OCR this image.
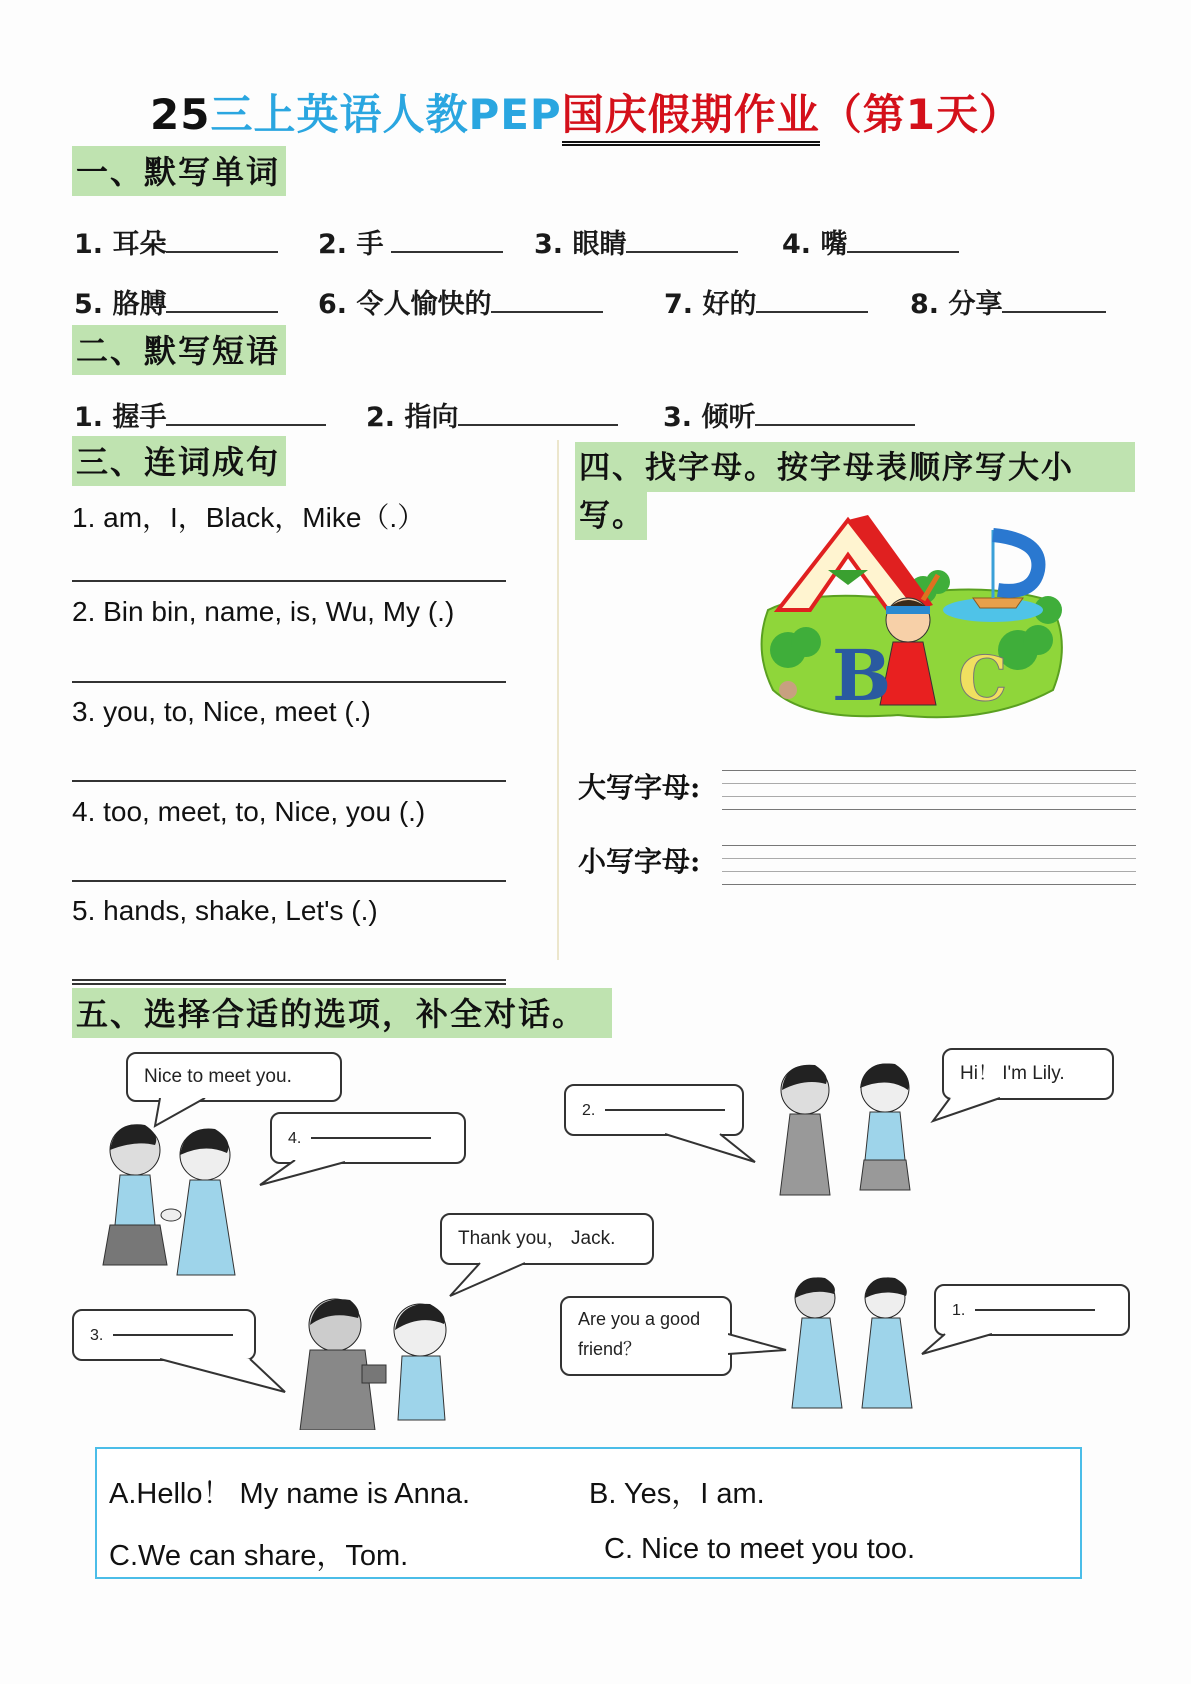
25三上英语人教PEP国庆假期作业（第1天）
一、默写单词
1. 耳朵	2. 手	3. 眼睛	4. 嘴
5. 胳膊	6. 令人愉快的	7. 好的	8. 分享
二、默写短语
1. 握手	2. 指向	3. 倾听
三、连词成句
1. am，I，Black，Mike（.）
2. Bin bin, name, is, Wu, My (.)
3. you, to, Nice, meet (.)
4. too, meet, to, Nice, you (.)
5. hands, shake, Let's (.)
四、找字母。按字母表顺序写大小
写。
B C
大写字母:
小写字母:
五、选择合适的选项，补全对话。
Nice to meet you.
4.
2.
Hi！ I'm Lily.
Thank you， Jack.
3.
Are you a good
friend？
1.
A.Hello！ My name is Anna.	B. Yes，I am.
C.We can share，Tom.	C. Nice to meet you too.
